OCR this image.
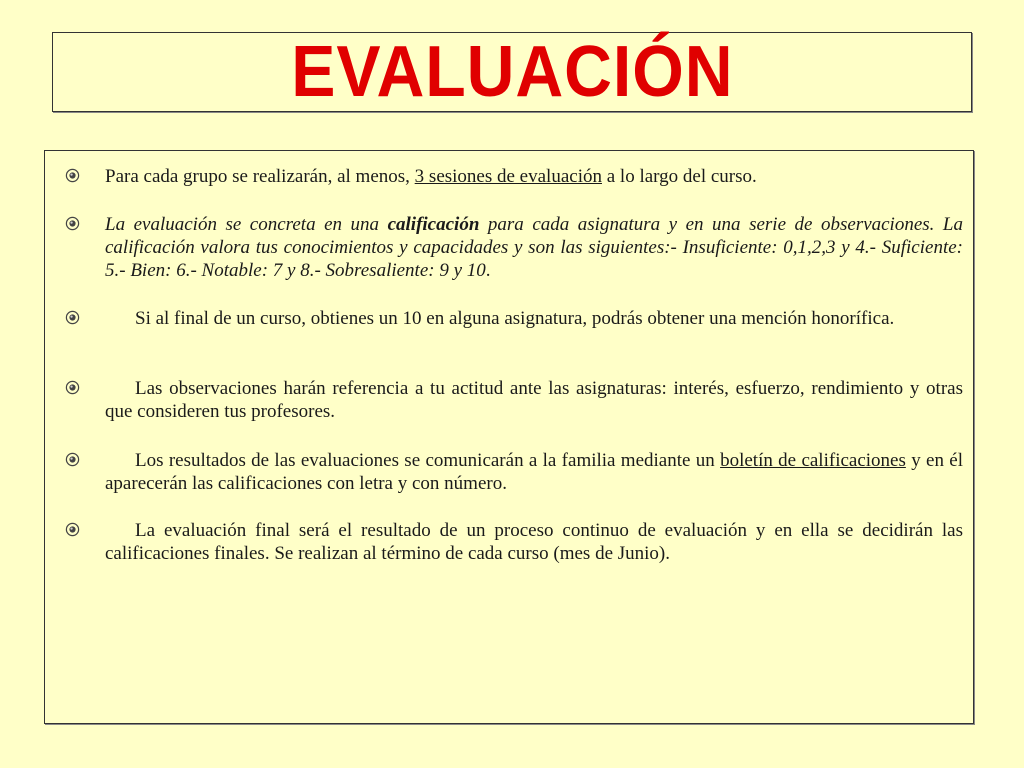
EVALUACIÓN
Para cada grupo se realizarán, al menos, 3 sesiones de evaluación a lo largo del curso.
La evaluación se concreta en una calificación para cada asignatura y en una serie de observaciones. La calificación valora tus conocimientos y capacidades y son las siguientes:- Insuficiente: 0,1,2,3 y 4.- Suficiente: 5.- Bien: 6.- Notable: 7 y 8.- Sobresaliente: 9 y 10.
Si al final de un curso, obtienes un 10 en alguna asignatura, podrás obtener una mención honorífica.
Las observaciones harán referencia a tu actitud ante las asignaturas: interés, esfuerzo, rendimiento y otras que consideren tus profesores.
Los resultados de las evaluaciones se comunicarán a la familia mediante un boletín de calificaciones y en él aparecerán las calificaciones con letra y con número.
La evaluación final será el resultado de un proceso continuo de evaluación y en ella se decidirán las calificaciones finales. Se realizan al término de cada curso (mes de Junio).
